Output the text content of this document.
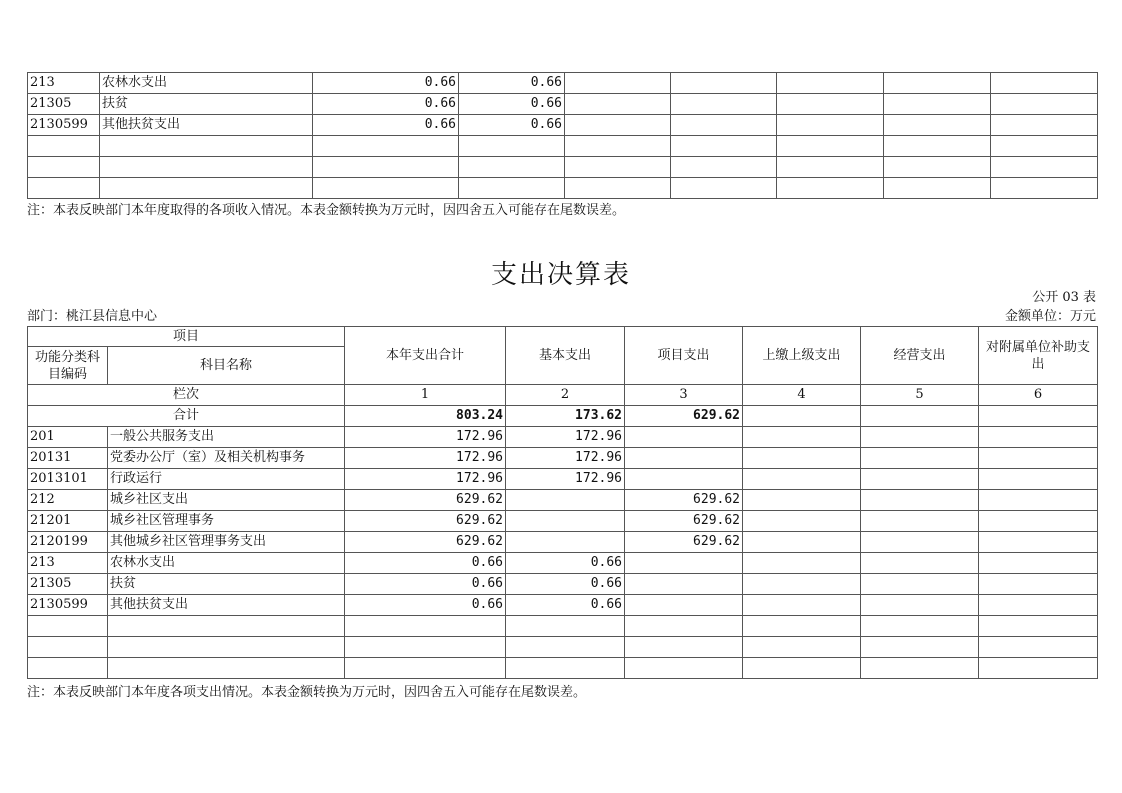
213	农林水支出	0.66	0.66					
21305	扶贫	0.66	0.66					
2130599	其他扶贫支出	0.66	0.66					

注：本表反映部门本年度取得的各项收入情况。本表金额转换为万元时，因四舍五入可能存在尾数误差。
支出决算表
公开 03 表
部门：桃江县信息中心	金额单位：万元
项目		本年支出合计	基本支出	项目支出	上缴上级支出	经营支出	对附属单位补助支出
功能分类科目编码	科目名称						
栏次		1	2	3	4	5	6
合计		803.24	173.62	629.62			
201	一般公共服务支出	172.96	172.96				
20131	党委办公厅（室）及相关机构事务	172.96	172.96				
2013101	行政运行	172.96	172.96				
212	城乡社区支出	629.62		629.62			
21201	城乡社区管理事务	629.62		629.62			
2120199	其他城乡社区管理事务支出	629.62		629.62			
213	农林水支出	0.66	0.66				
21305	扶贫	0.66	0.66				
2130599	其他扶贫支出	0.66	0.66				

注：本表反映部门本年度各项支出情况。本表金额转换为万元时，因四舍五入可能存在尾数误差。
